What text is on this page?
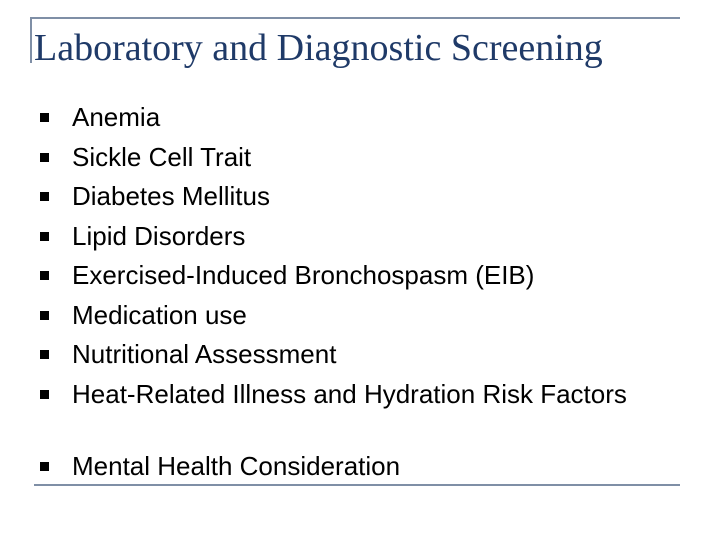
Laboratory and Diagnostic Screening
Anemia
Sickle Cell Trait
Diabetes Mellitus
Lipid Disorders
Exercised-Induced Bronchospasm (EIB)
Medication use
Nutritional Assessment
Heat-Related Illness and Hydration Risk Factors
Mental Health Consideration
